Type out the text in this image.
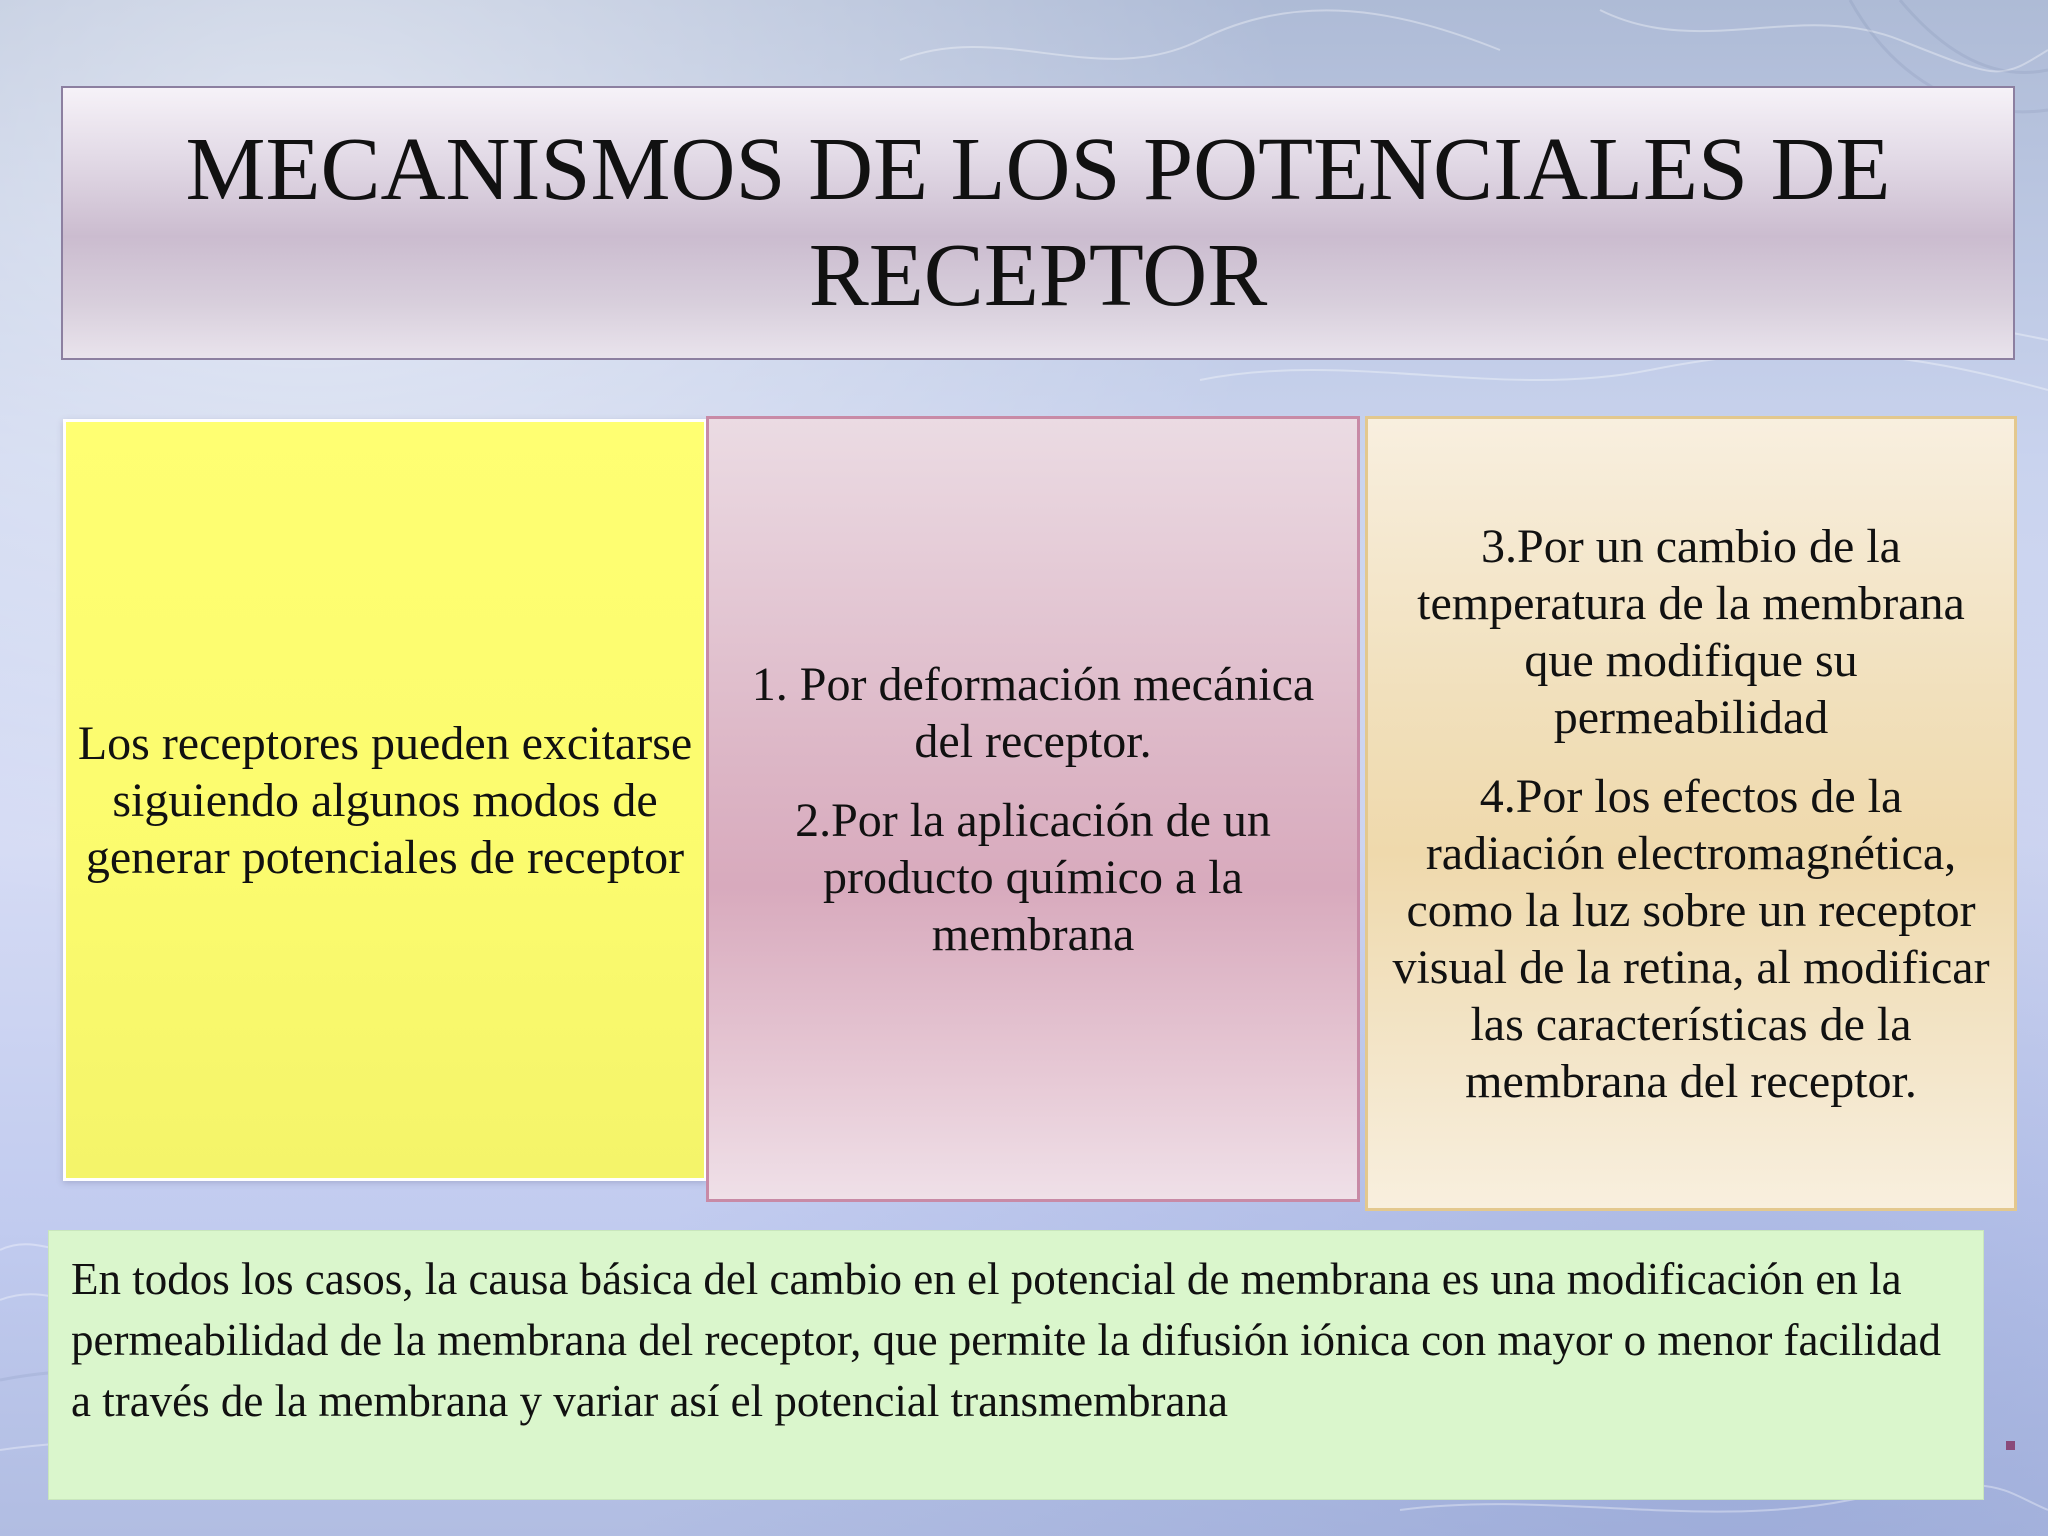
MECANISMOS DE LOS POTENCIALES DE RECEPTOR

Los receptores pueden excitarse siguiendo algunos modos de generar potenciales de receptor

1. Por deformación mecánica del receptor.

2.Por la aplicación de un producto químico a la membrana

3.Por un cambio de la temperatura de la membrana que modifique su permeabilidad

4.Por los efectos de la radiación electromagnética, como la luz sobre un receptor visual de la retina, al modificar las características de la membrana del receptor.

En todos los casos, la causa básica del cambio en el potencial de membrana es una modificación en la permeabilidad de la membrana del receptor, que permite la difusión iónica con mayor o menor facilidad a través de la membrana y variar así el potencial transmembrana
